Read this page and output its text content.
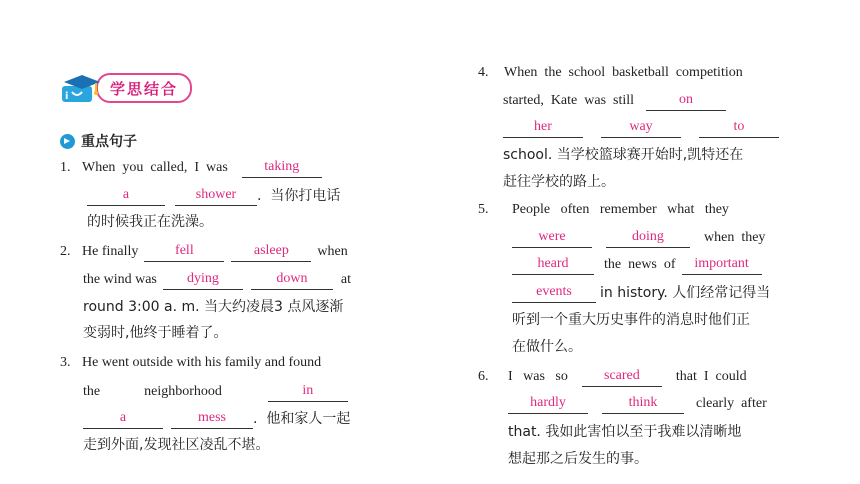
i	学思结合
重点句子
1. When  you  called,  I  was	taking
a	shower	.  当你打电话
的时候我正在洗澡。
2. He finally	fell	asleep	when
the wind was	dying	down	at
round 3:00 a. m. 当大约凌晨3 点风逐渐
变弱时,他终于睡着了。
3. He went outside with his family and found
the	neighborhood	in
a	mess	.  他和家人一起
走到外面,发现社区凌乱不堪。
4.	When  the  school  basketball  competition
started,  Kate  was  still	on
her	way	to
school. 当学校篮球赛开始时,凯特还在
赶往学校的路上。
5.	People   often   remember   what   they
were	doing	when  they
heard	the  news  of	important
events	in history. 人们经常记得当
听到一个重大历史事件的消息时他们正
在做什么。
6.	I   was   so	scared	that  I  could
hardly	think	clearly  after
that. 我如此害怕以至于我难以清晰地
想起那之后发生的事。
